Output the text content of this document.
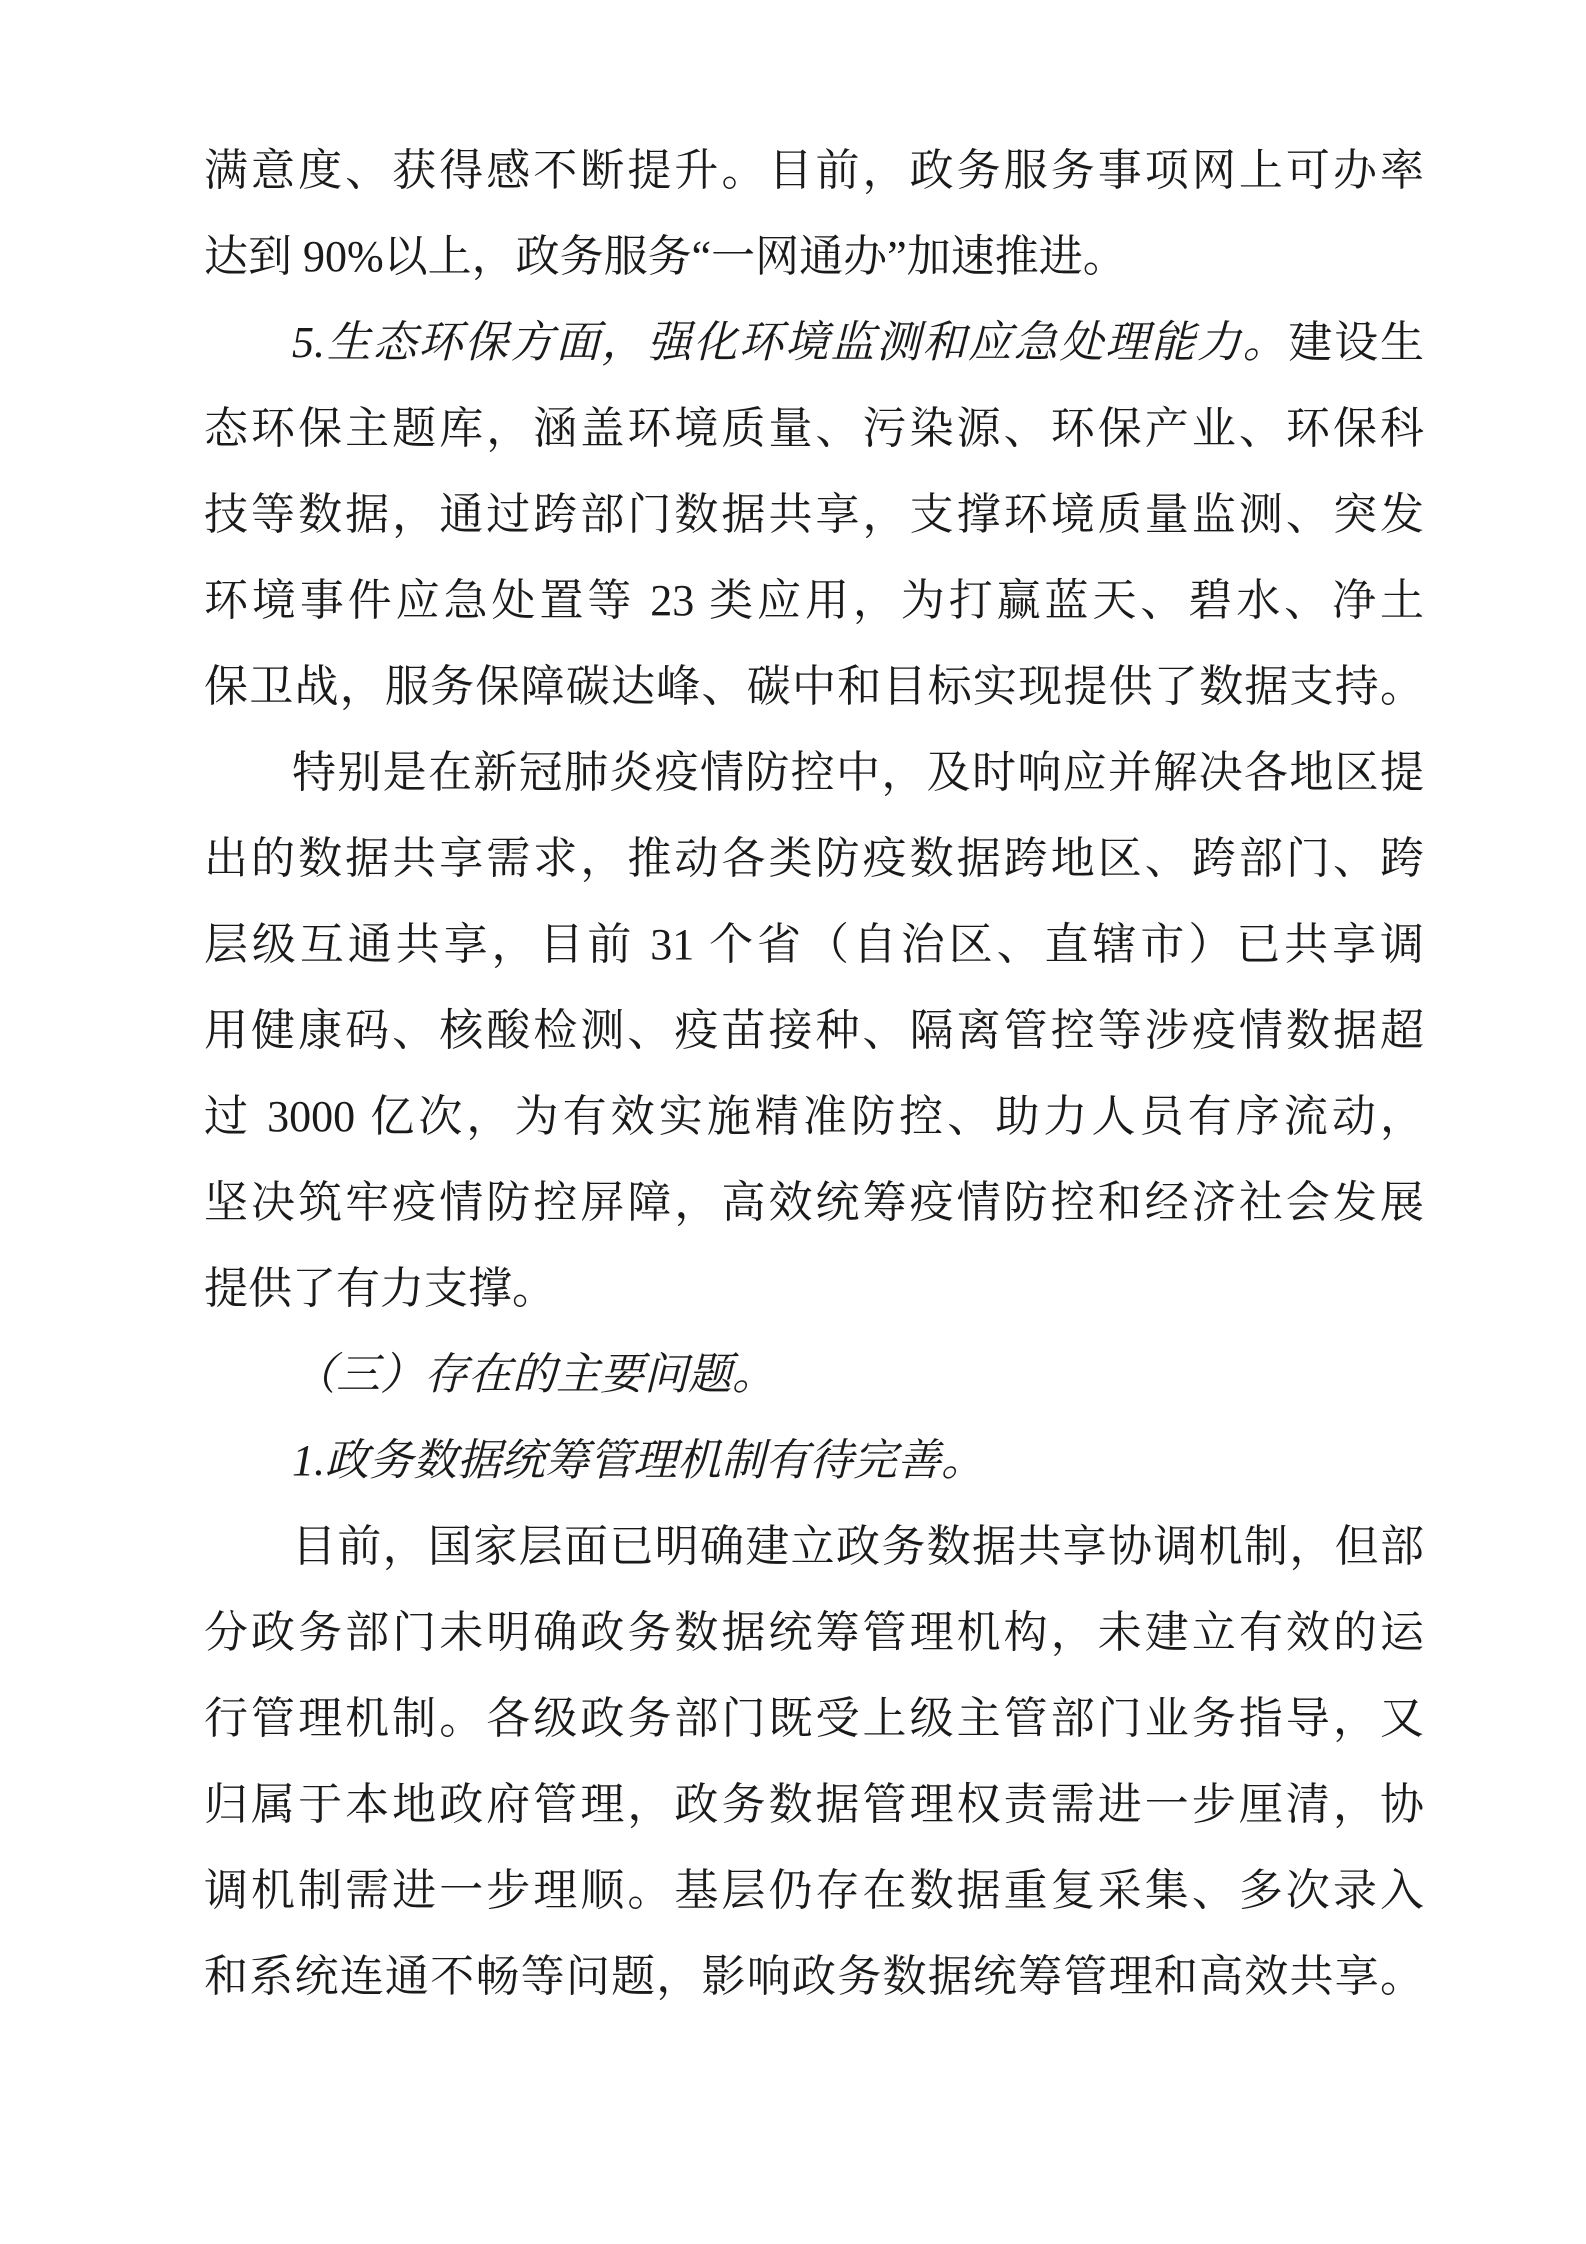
满意度、获得感不断提升。目前，政务服务事项网上可办率
达到 90%以上，政务服务“一网通办”加速推进。
5.生态环保方面，强化环境监测和应急处理能力。建设生
态环保主题库，涵盖环境质量、污染源、环保产业、环保科
技等数据，通过跨部门数据共享，支撑环境质量监测、突发
环境事件应急处置等 23 类应用，为打赢蓝天、碧水、净土
保卫战，服务保障碳达峰、碳中和目标实现提供了数据支持。
特别是在新冠肺炎疫情防控中，及时响应并解决各地区提
出的数据共享需求，推动各类防疫数据跨地区、跨部门、跨
层级互通共享，目前 31 个省（自治区、直辖市）已共享调
用健康码、核酸检测、疫苗接种、隔离管控等涉疫情数据超
过 3000 亿次，为有效实施精准防控、助力人员有序流动，
坚决筑牢疫情防控屏障，高效统筹疫情防控和经济社会发展
提供了有力支撑。
（三）存在的主要问题。
1.政务数据统筹管理机制有待完善。
目前，国家层面已明确建立政务数据共享协调机制，但部
分政务部门未明确政务数据统筹管理机构，未建立有效的运
行管理机制。各级政务部门既受上级主管部门业务指导，又
归属于本地政府管理，政务数据管理权责需进一步厘清，协
调机制需进一步理顺。基层仍存在数据重复采集、多次录入
和系统连通不畅等问题，影响政务数据统筹管理和高效共享。
